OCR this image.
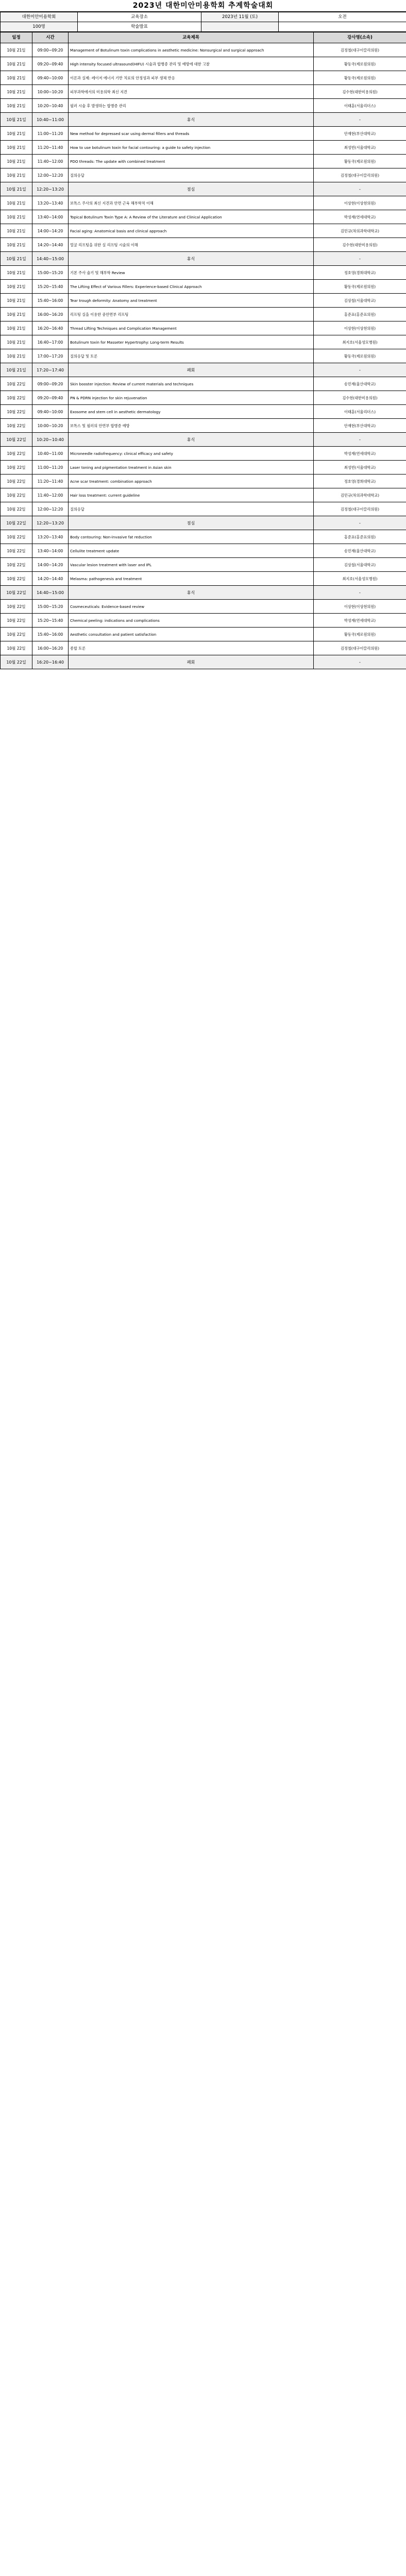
2023년 대한미안미용학회 추계학술대회
대한미안미용학회	교육장소	2023년 11월 (토)	오전
100명	학술발표		
일정	시간	교육제목	강사명(소속)
10월 21일	09:00~09:20	Management of Botulinum toxin complications in aesthetic medicine: Nonsurgical and surgical approach	김정철(대구이끌리의원)
10월 21일	09:20~09:40	High intensity focused ultrasound(HIFU) 시술과 합병증 관리 및 예방에 대한 고찰	황동국(제로원의원)
10월 21일	09:40~10:00	이론과 실제: 레이저 에너지 기반 치료의 안정성과 피부 생체 반응	황동국(제로원의원)
10월 21일	10:00~10:20	피부과학에서의 미용의학 최신 지견	김수현(대한미용의원)
10월 21일	10:20~10:40	필러 시술 후 발생하는 합병증 관리	이태훈(서울리더스)
10월 21일	10:40~11:00	휴식	-
10월 21일	11:00~11:20	New method for depressed scar using dermal fillers and threads	안재현(부산대학교)
10월 21일	11:20~11:40	How to use botulinum toxin for facial contouring: a guide to safety injection	최성빈(서울대학교)
10월 21일	11:40~12:00	PDO threads: The update with combined treatment	황동국(제로원의원)
10월 21일	12:00~12:20	질의응답	김정철(대구이끌리의원)
10월 21일	12:20~13:20	점심	-
10월 21일	13:20~13:40	보톡스 주사의 최신 지견과 안면 근육 해부학적 이해	이상현(이상현의원)
10월 21일	13:40~14:00	Topical Botulinum Toxin Type A: A Review of the Literature and Clinical Application	박성재(연세대학교)
10월 21일	14:00~14:20	Facial aging: Anatomical basis and clinical approach	김민규(차의과학대학교)
10월 21일	14:20~14:40	얼굴 리프팅을 위한 실 리프팅 시술의 이해	김수현(대한미용의원)
10월 21일	14:40~15:00	휴식	-
10월 21일	15:00~15:20	기본 주사 술기 및 해부학 Review	정호영(경희대학교)
10월 21일	15:20~15:40	The Lifting Effect of Various Fillers: Experience-based Clinical Approach	황동국(제로원의원)
10월 21일	15:40~16:00	Tear trough deformity: Anatomy and treatment	김상철(서울대학교)
10월 21일	16:00~16:20	리프팅 실을 이용한 중안면부 리프팅	홍준표(홍준표의원)
10월 21일	16:20~16:40	Thread Lifting Techniques and Complication Management	이상현(이상현의원)
10월 21일	16:40~17:00	Botulinum toxin for Masseter Hypertrophy: Long-term Results	최지호(서울성모병원)
10월 21일	17:00~17:20	질의응답 및 토론	황동국(제로원의원)
10월 21일	17:20~17:40	폐회	-
10월 22일	09:00~09:20	Skin booster injection: Review of current materials and techniques	송민재(울산대학교)
10월 22일	09:20~09:40	PN & PDRN injection for skin rejuvenation	김수현(대한미용의원)
10월 22일	09:40~10:00	Exosome and stem cell in aesthetic dermatology	이태훈(서울리더스)
10월 22일	10:00~10:20	보톡스 및 필러의 안면부 합병증 예방	안재현(부산대학교)
10월 22일	10:20~10:40	휴식	-
10월 22일	10:40~11:00	Microneedle radiofrequency: clinical efficacy and safety	박성재(연세대학교)
10월 22일	11:00~11:20	Laser toning and pigmentation treatment in Asian skin	최성빈(서울대학교)
10월 22일	11:20~11:40	Acne scar treatment: combination approach	정호영(경희대학교)
10월 22일	11:40~12:00	Hair loss treatment: current guideline	김민규(차의과학대학교)
10월 22일	12:00~12:20	질의응답	김정철(대구이끌리의원)
10월 22일	12:20~13:20	점심	-
10월 22일	13:20~13:40	Body contouring: Non-invasive fat reduction	홍준표(홍준표의원)
10월 22일	13:40~14:00	Cellulite treatment update	송민재(울산대학교)
10월 22일	14:00~14:20	Vascular lesion treatment with laser and IPL	김상철(서울대학교)
10월 22일	14:20~14:40	Melasma: pathogenesis and treatment	최지호(서울성모병원)
10월 22일	14:40~15:00	휴식	-
10월 22일	15:00~15:20	Cosmeceuticals: Evidence-based review	이상현(이상현의원)
10월 22일	15:20~15:40	Chemical peeling: indications and complications	박성재(연세대학교)
10월 22일	15:40~16:00	Aesthetic consultation and patient satisfaction	황동국(제로원의원)
10월 22일	16:00~16:20	종합 토론	김정철(대구이끌리의원)
10월 22일	16:20~16:40	폐회	-
